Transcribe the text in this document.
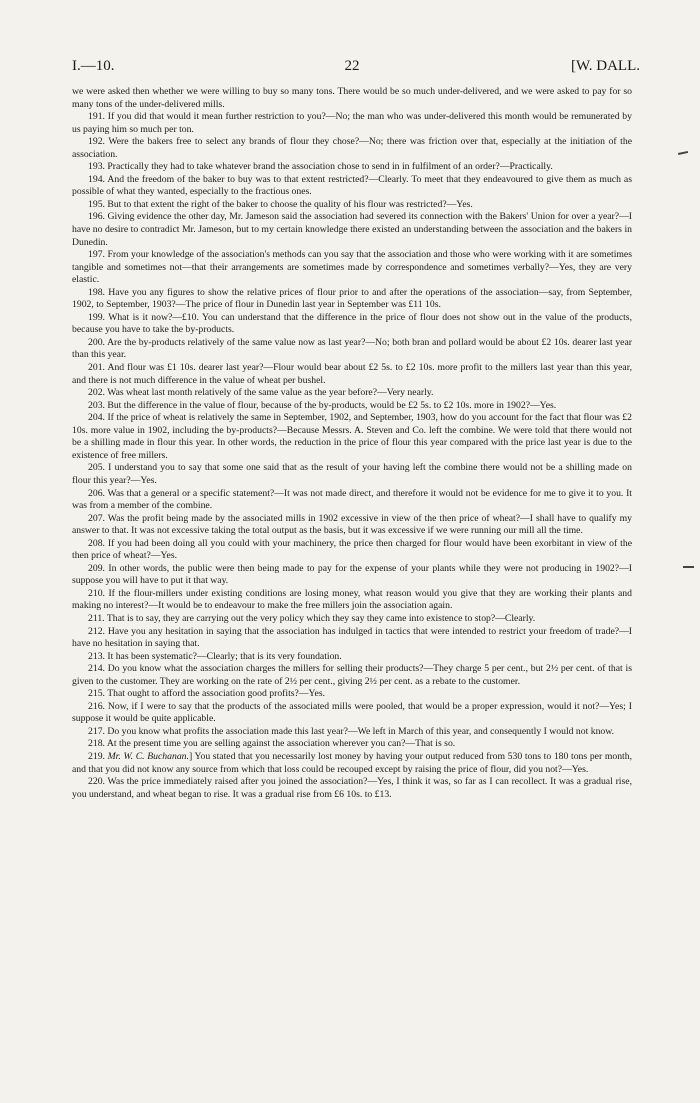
I.—10.	22	[W. DALL.

we were asked then whether we were willing to buy so many tons. There would be so much under-delivered, and we were asked to pay for so many tons of the under-delivered mills.

191. If you did that would it mean further restriction to you?—No; the man who was under-delivered this month would be remunerated by us paying him so much per ton.

192. Were the bakers free to select any brands of flour they chose?—No; there was friction over that, especially at the initiation of the association.

193. Practically they had to take whatever brand the association chose to send in in fulfilment of an order?—Practically.

194. And the freedom of the baker to buy was to that extent restricted?—Clearly. To meet that they endeavoured to give them as much as possible of what they wanted, especially to the fractious ones.

195. But to that extent the right of the baker to choose the quality of his flour was restricted?—Yes.

196. Giving evidence the other day, Mr. Jameson said the association had severed its connection with the Bakers' Union for over a year?—I have no desire to contradict Mr. Jameson, but to my certain knowledge there existed an understanding between the association and the bakers in Dunedin.

197. From your knowledge of the association's methods can you say that the association and those who were working with it are sometimes tangible and sometimes not—that their arrangements are sometimes made by correspondence and sometimes verbally?—Yes, they are very elastic.

198. Have you any figures to show the relative prices of flour prior to and after the operations of the association—say, from September, 1902, to September, 1903?—The price of flour in Dunedin last year in September was £11 10s.

199. What is it now?—£10. You can understand that the difference in the price of flour does not show out in the value of the products, because you have to take the by-products.

200. Are the by-products relatively of the same value now as last year?—No; both bran and pollard would be about £2 10s. dearer last year than this year.

201. And flour was £1 10s. dearer last year?—Flour would bear about £2 5s. to £2 10s. more profit to the millers last year than this year, and there is not much difference in the value of wheat per bushel.

202. Was wheat last month relatively of the same value as the year before?—Very nearly.

203. But the difference in the value of flour, because of the by-products, would be £2 5s. to £2 10s. more in 1902?—Yes.

204. If the price of wheat is relatively the same in September, 1902, and September, 1903, how do you account for the fact that flour was £2 10s. more value in 1902, including the by-products?—Because Messrs. A. Steven and Co. left the combine. We were told that there would not be a shilling made in flour this year. In other words, the reduction in the price of flour this year compared with the price last year is due to the existence of free millers.

205. I understand you to say that some one said that as the result of your having left the combine there would not be a shilling made on flour this year?—Yes.

206. Was that a general or a specific statement?—It was not made direct, and therefore it would not be evidence for me to give it to you. It was from a member of the combine.

207. Was the profit being made by the associated mills in 1902 excessive in view of the then price of wheat?—I shall have to qualify my answer to that. It was not excessive taking the total output as the basis, but it was excessive if we were running our mill all the time.

208. If you had been doing all you could with your machinery, the price then charged for flour would have been exorbitant in view of the then price of wheat?—Yes.

209. In other words, the public were then being made to pay for the expense of your plants while they were not producing in 1902?—I suppose you will have to put it that way.

210. If the flour-millers under existing conditions are losing money, what reason would you give that they are working their plants and making no interest?—It would be to endeavour to make the free millers join the association again.

211. That is to say, they are carrying out the very policy which they say they came into existence to stop?—Clearly.

212. Have you any hesitation in saying that the association has indulged in tactics that were intended to restrict your freedom of trade?—I have no hesitation in saying that.

213. It has been systematic?—Clearly; that is its very foundation.

214. Do you know what the association charges the millers for selling their products?—They charge 5 per cent., but 2½ per cent. of that is given to the customer. They are working on the rate of 2½ per cent., giving 2½ per cent. as a rebate to the customer.

215. That ought to afford the association good profits?—Yes.

216. Now, if I were to say that the products of the associated mills were pooled, that would be a proper expression, would it not?—Yes; I suppose it would be quite applicable.

217. Do you know what profits the association made this last year?—We left in March of this year, and consequently I would not know.

218. At the present time you are selling against the association wherever you can?—That is so.

219. Mr. W. C. Buchanan.] You stated that you necessarily lost money by having your output reduced from 530 tons to 180 tons per month, and that you did not know any source from which that loss could be recouped except by raising the price of flour, did you not?—Yes.

220. Was the price immediately raised after you joined the association?—Yes, I think it was, so far as I can recollect. It was a gradual rise, you understand, and wheat began to rise. It was a gradual rise from £6 10s. to £13.
